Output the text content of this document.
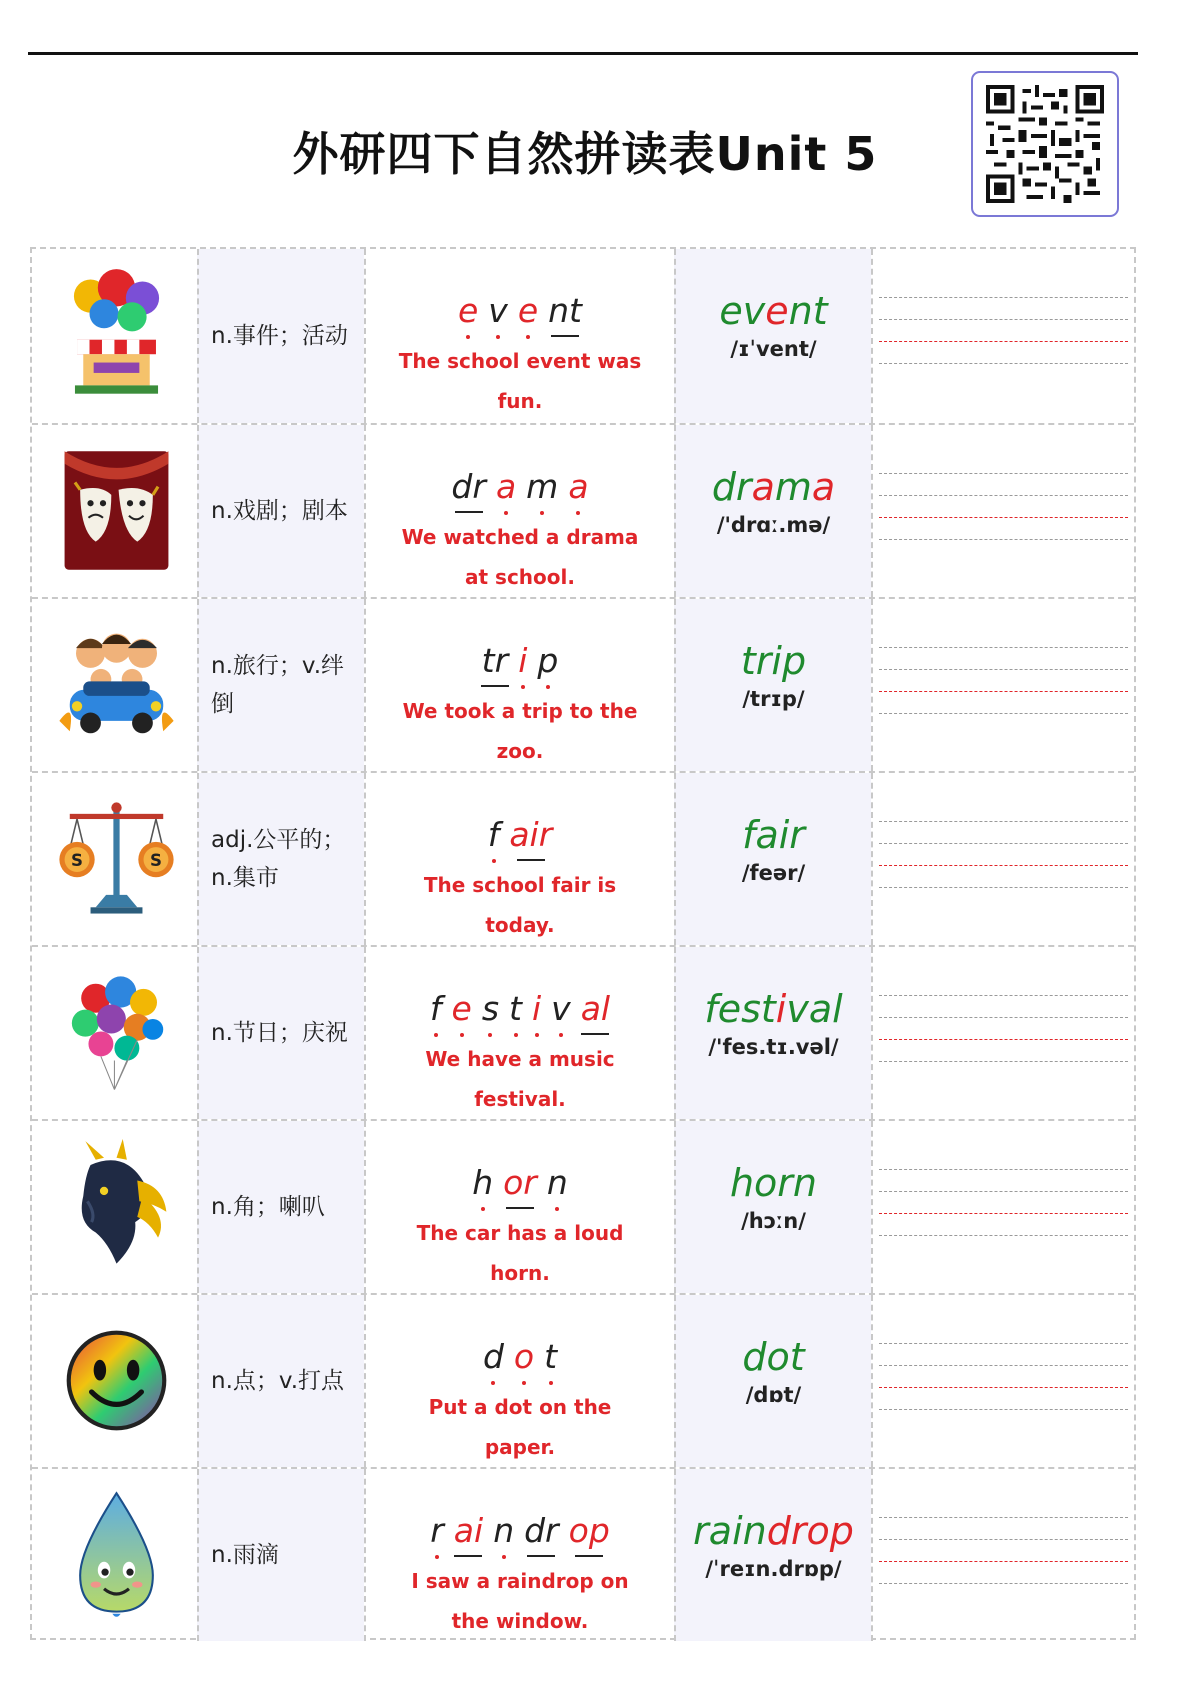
外研四下自然拼读表Unit 5
n.事件；活动
e v e nt
The school event was fun.
event
/ɪˈvent/
n.戏剧；剧本
dr a m a
We watched a drama at school.
drama
/'drɑː.mə/
n.旅行；v.绊倒
tr i p
We took a trip to the zoo.
trip
/trɪp/
S	S
adj.公平的；n.集市
f air
The school fair is today.
fair
/feər/
n.节日；庆祝
f e s t i v al
We have a music festival.
festival
/'fes.tɪ.vəl/
n.角；喇叭
h or n
The car has a loud horn.
horn
/hɔːn/
n.点；v.打点
d o t
Put a dot on the paper.
dot
/dɒt/
n.雨滴
r ai n dr op
I saw a raindrop on the window.
raindrop
/ˈreɪn.drɒp/
